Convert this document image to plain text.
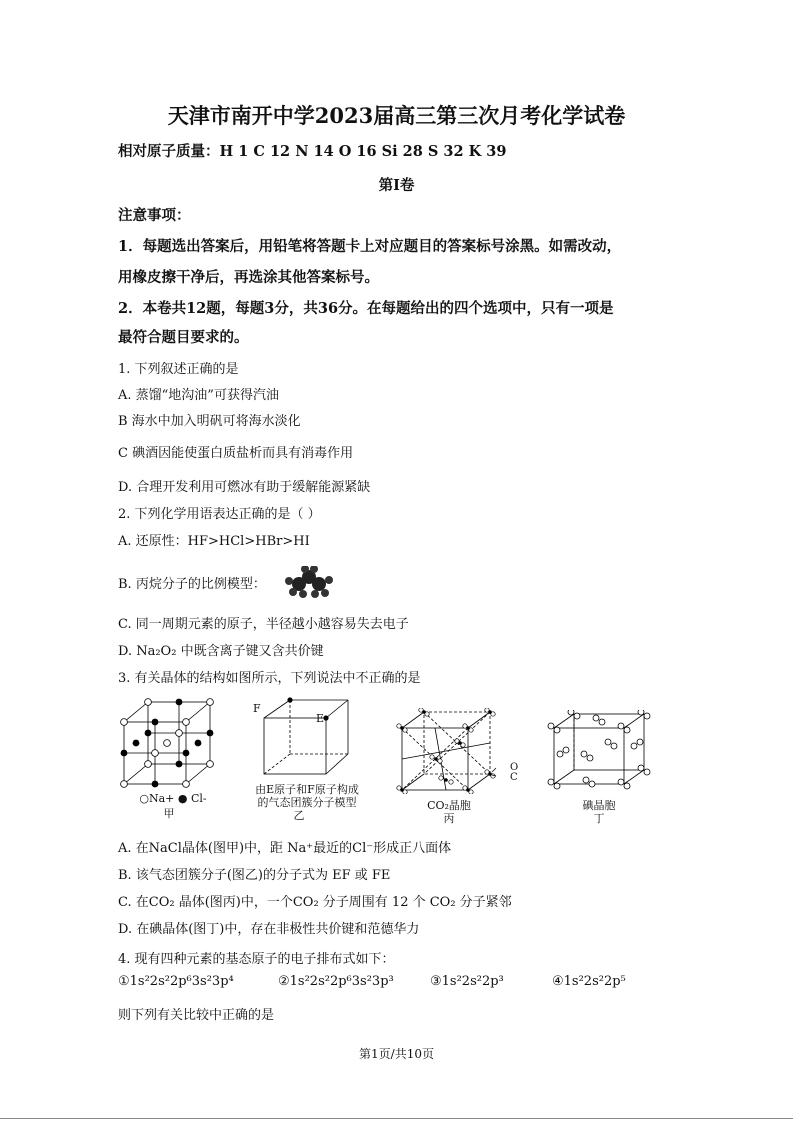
天津市南开中学2023届高三第三次月考化学试卷
相对原子质量：H 1 C 12 N 14 O 16 Si 28 S 32 K 39
第I卷
注意事项：
1．每题选出答案后，用铅笔将答题卡上对应题目的答案标号涂黑。如需改动，
用橡皮擦干净后，再选涂其他答案标号。
2．本卷共12题，每题3分，共36分。在每题给出的四个选项中，只有一项是
最符合题目要求的。
1. 下列叙述正确的是
A. 蒸馏“地沟油”可获得汽油
B 海水中加入明矾可将海水淡化
C 碘酒因能使蛋白质盐析而具有消毒作用
D. 合理开发利用可燃冰有助于缓解能源紧缺
2. 下列化学用语表达正确的是（ ）
A. 还原性：HF>HCl>HBr>HI
B. 丙烷分子的比例模型：
C. 同一周期元素的原子，半径越小越容易失去电子
D. Na₂O₂ 中既含离子键又含共价键
3. 有关晶体的结构如图所示，下列说法中不正确的是
○Na+ ● Cl-
甲
F
E
由E原子和F原子构成
的气态团簇分子模型
乙
O
C
CO₂晶胞
丙
碘晶胞
丁
A. 在NaCl晶体(图甲)中，距 Na⁺最近的Cl⁻形成正八面体
B. 该气态团簇分子(图乙)的分子式为 EF 或 FE
C. 在CO₂ 晶体(图丙)中，一个CO₂ 分子周围有 12 个 CO₂ 分子紧邻
D. 在碘晶体(图丁)中，存在非极性共价键和范德华力
4. 现有四种元素的基态原子的电子排布式如下：
①1s²2s²2p⁶3s²3p⁴	②1s²2s²2p⁶3s²3p³	③1s²2s²2p³	④1s²2s²2p⁵
则下列有关比较中正确的是
第1页/共10页
